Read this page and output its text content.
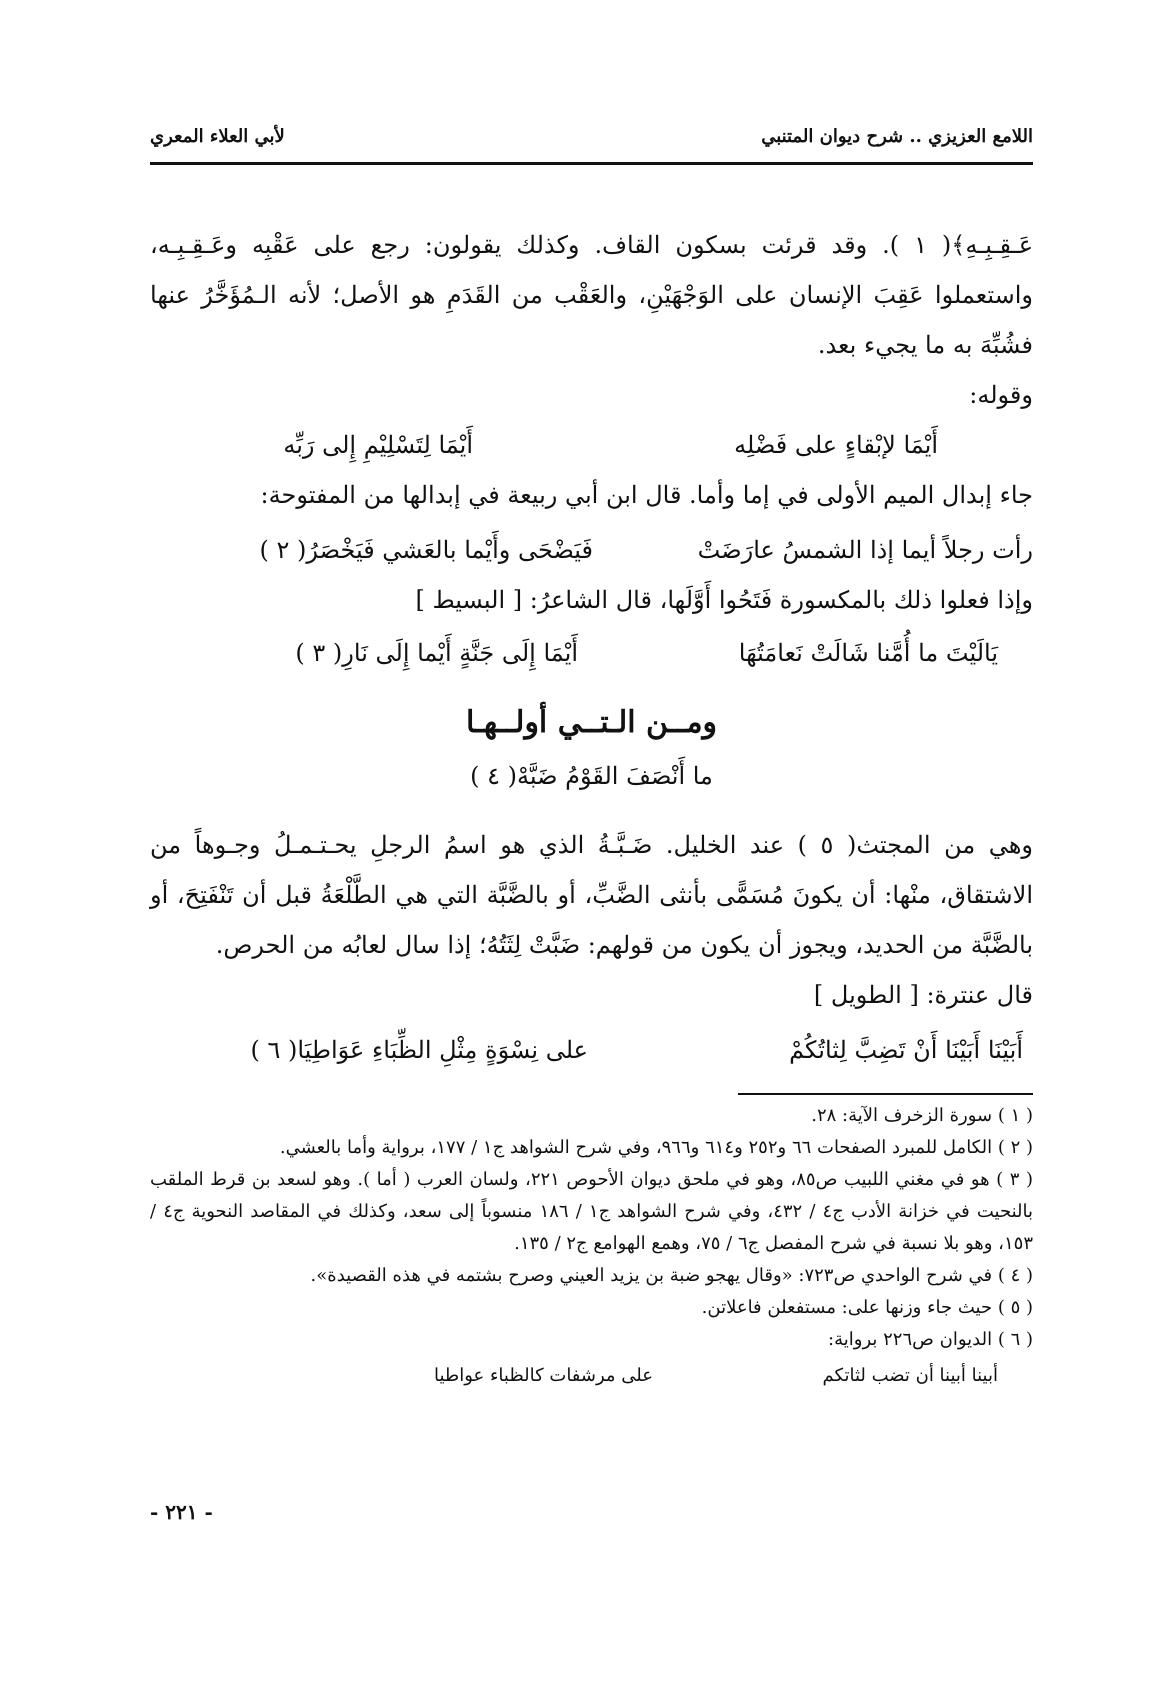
اللامع العزيزي .. شرح ديوان المتنبي
لأبي العلاء المعري

عَـقِـبِـهِ﴾( ١ ). وقد قرئت بسكون القاف. وكذلك يقولون: رجع على عَقْبِه وعَـقِـبِـه، واستعملوا عَقِبَ الإنسان على الوَجْهَيْنِ، والعَقْب من القَدَمِ هو الأصل؛ لأنه الـمُؤَخَّرُ عنها فشُبِّهَ به ما يجيء بعد.

وقوله:

أَيْمَا لإبْقاءٍ على فَضْلِه
أَيْمَا لِتَسْلِيْمِ إِلى رَبِّه

جاء إبدال الميم الأولى في إما وأما. قال ابن أبي ربيعة في إبدالها من المفتوحة:

رأت رجلاً أيما إذا الشمسُ عارَضَتْ
فَيَضْحَى وأَيْما بالعَشي فَيَخْصَرُ( ٢ )

وإذا فعلوا ذلك بالمكسورة فَتَحُوا أَوَّلَها، قال الشاعرُ: [ البسيط ]

يَالَيْتَ ما أُمَّنا شَالَتْ نَعامَتُهَا
أَيْمَا إِلَى جَنَّةٍ أَيْما إِلَى نَارِ( ٣ )
ومــن الـتــي أولــهـا
ما أَنْصَفَ القَوْمُ ضَبَّهْ( ٤ )

وهي من المجتث( ٥ ) عند الخليل. ضَـبَّـةُ الذي هو اسمُ الرجلِ يحـتـمـلُ وجـوهاً من الاشتقاق، منْها: أن يكونَ مُسَمًّى بأنثى الضَّبِّ، أو بالضَّبَّة التي هي الطَّلْعَةُ قبل أن تَنْفَتِحَ، أو بالضَّبَّة من الحديد، ويجوز أن يكون من قولهم: ضَبَّتْ لِثَتُهُ؛ إذا سال لعابُه من الحرص.

قال عنترة: [ الطويل ]

أَبَيْنَا أَبَيْنَا أَنْ تَضِبَّ لِثاتُكُمْ
على نِسْوَةٍ مِثْلِ الظِّبَاءِ عَوَاطِيَا( ٦ )

( ١ ) سورة الزخرف الآية: ٢٨.

( ٢ ) الكامل للمبرد الصفحات ٦٦ و٢٥٢ و٦١٤ و٩٦٦، وفي شرح الشواهد ج١ / ١٧٧، برواية وأما بالعشي.

( ٣ ) هو في مغني اللبيب ص٨٥، وهو في ملحق ديوان الأحوص ٢٢١، ولسان العرب ( أما ). وهو لسعد بن قرط الملقب بالنحيت في خزانة الأدب ج٤ / ٤٣٢، وفي شرح الشواهد ج١ / ١٨٦ منسوباً إلى سعد، وكذلك في المقاصد النحوية ج٤ / ١٥٣، وهو بلا نسبة في شرح المفصل ج٦ / ٧٥، وهمع الهوامع ج٢ / ١٣٥.

( ٤ ) في شرح الواحدي ص٧٢٣: «وقال يهجو ضبة بن يزيد العيني وصرح بشتمه في هذه القصيدة».

( ٥ ) حيث جاء وزنها على: مستفعلن فاعلاتن.

( ٦ ) الديوان ص٢٢٦ برواية:

أبينا أبينا أن تضب لثاتكم
على مرشفات كالظباء عواطيا
- ٢٢١ -
